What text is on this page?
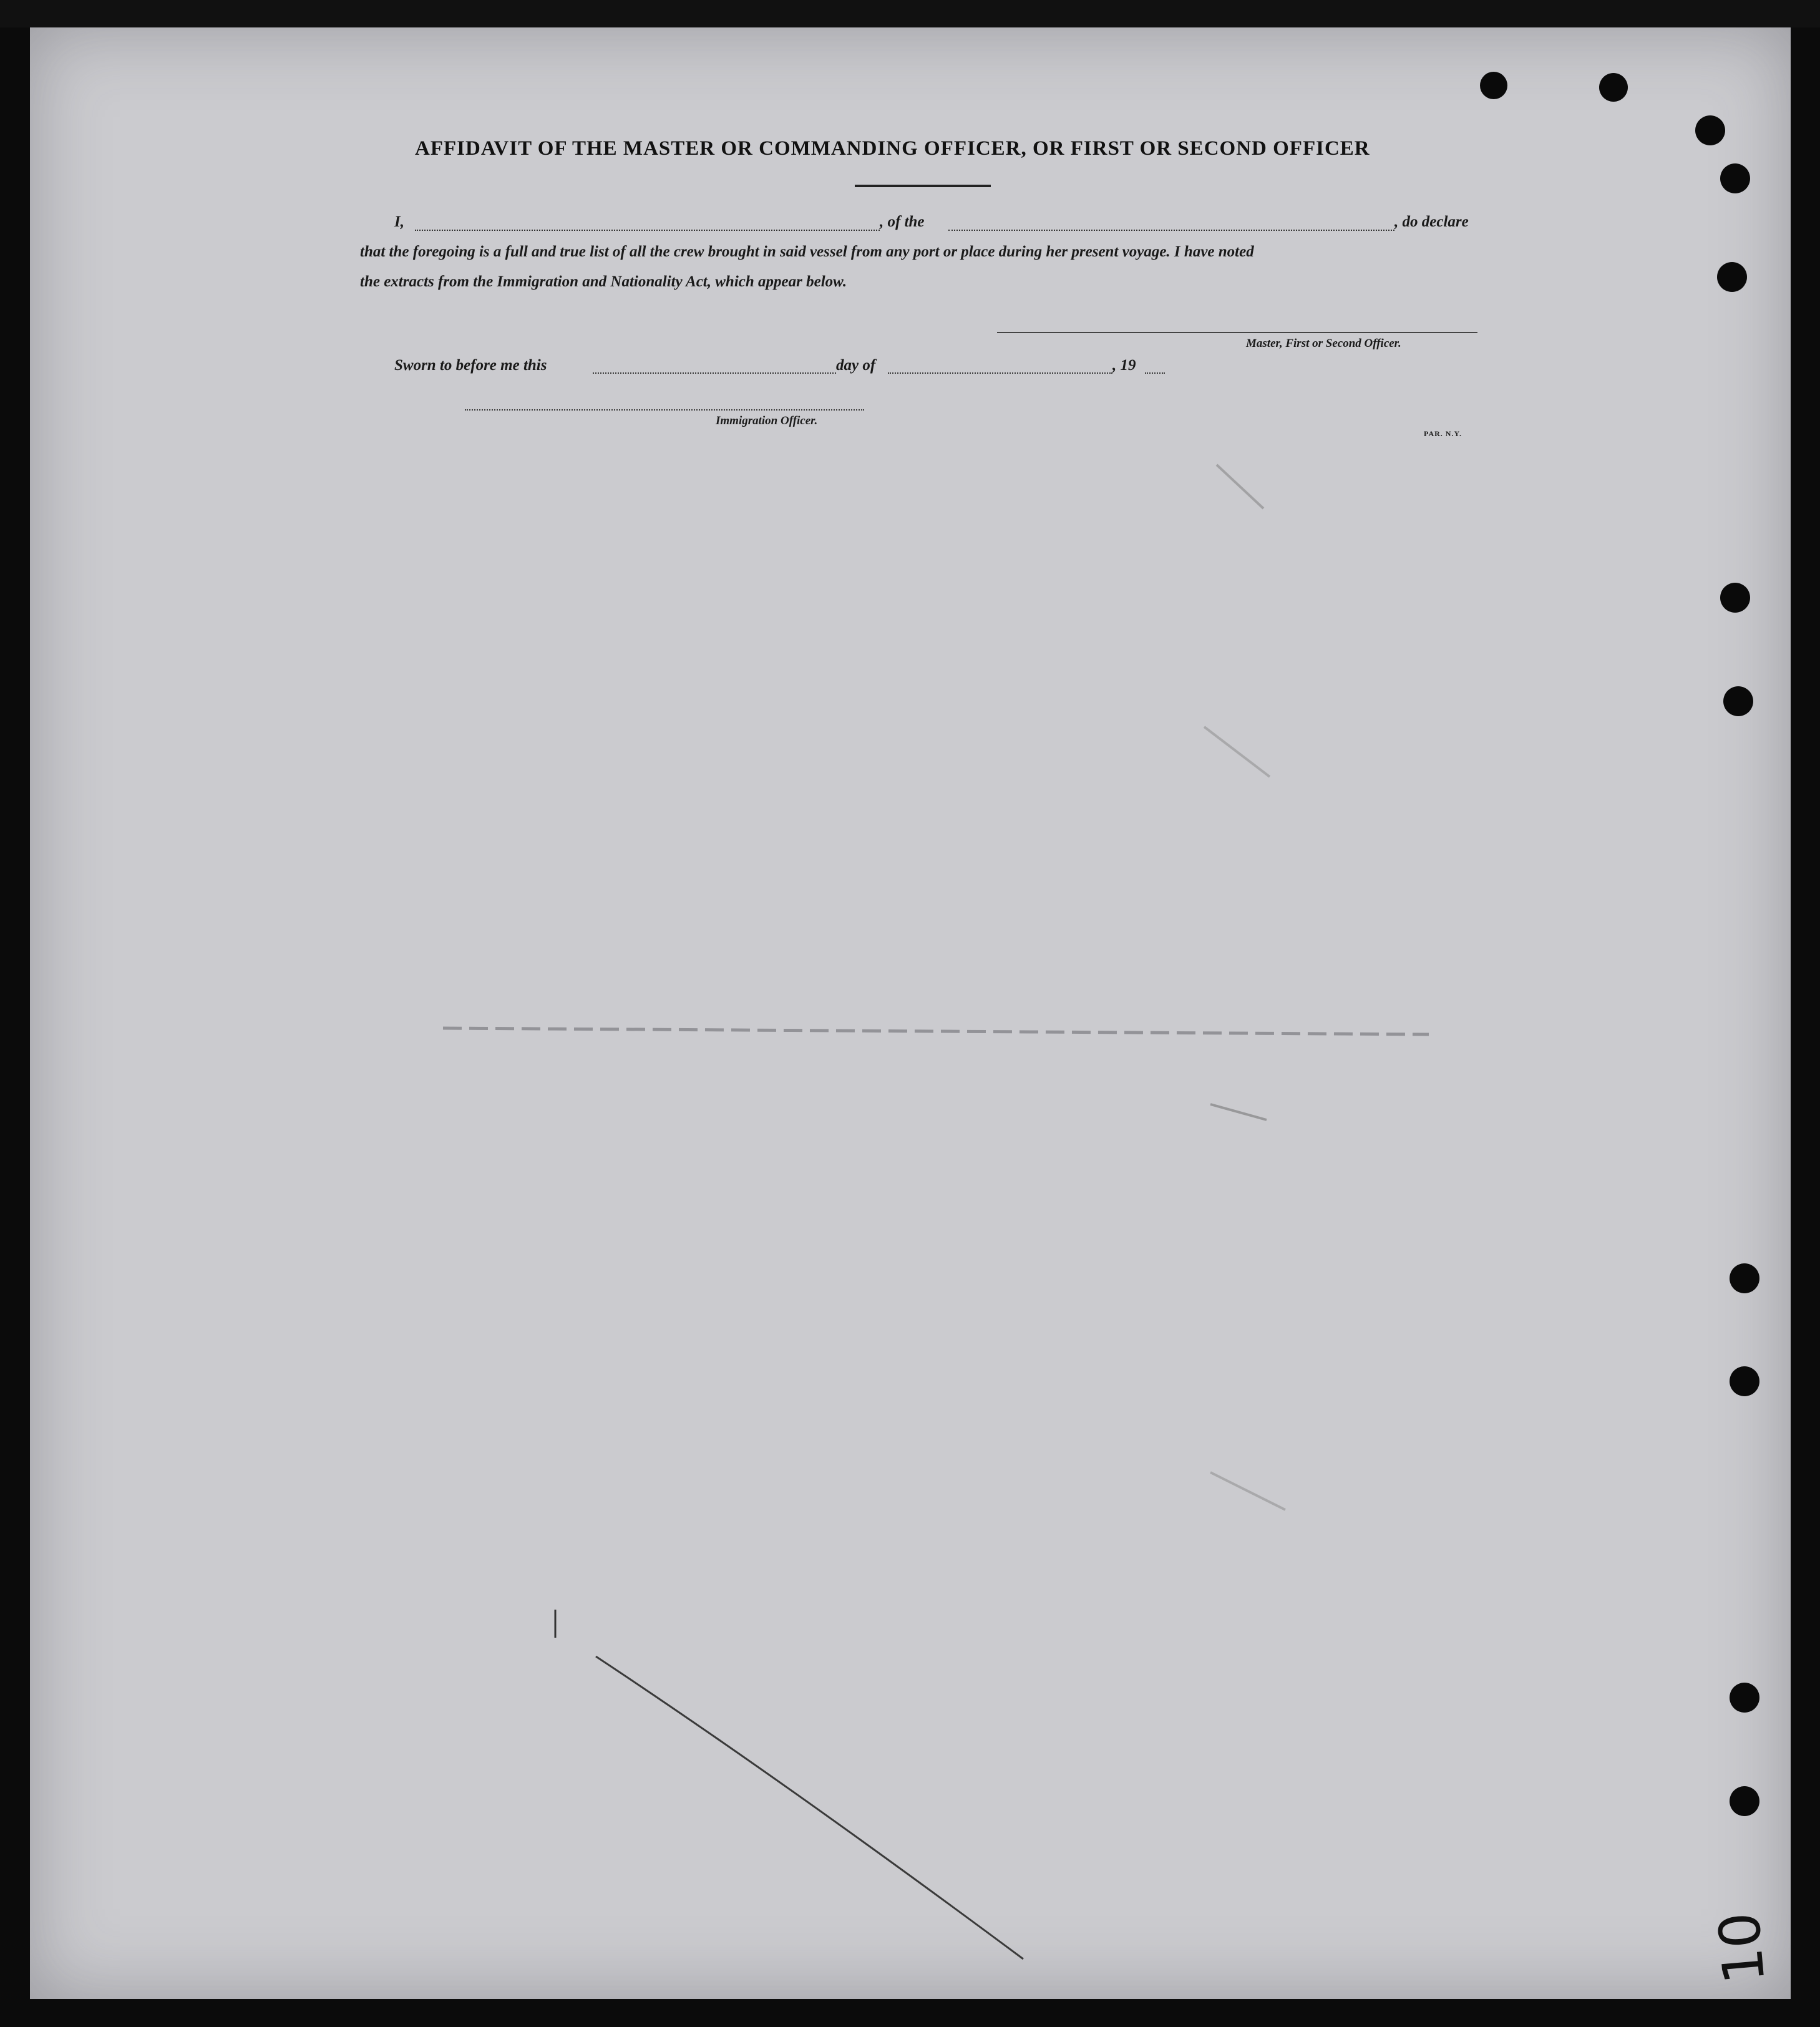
AFFIDAVIT OF THE MASTER OR COMMANDING OFFICER, OR FIRST OR SECOND OFFICER
I,	, of the	, do declare
that the foregoing is a full and true list of all the crew brought in said vessel from any port or place during her present voyage. I have noted
the extracts from the Immigration and Nationality Act, which appear below.
Master, First or Second Officer.
Sworn to before me this	day of	, 19
Immigration Officer.
PAR. N.Y.
10
